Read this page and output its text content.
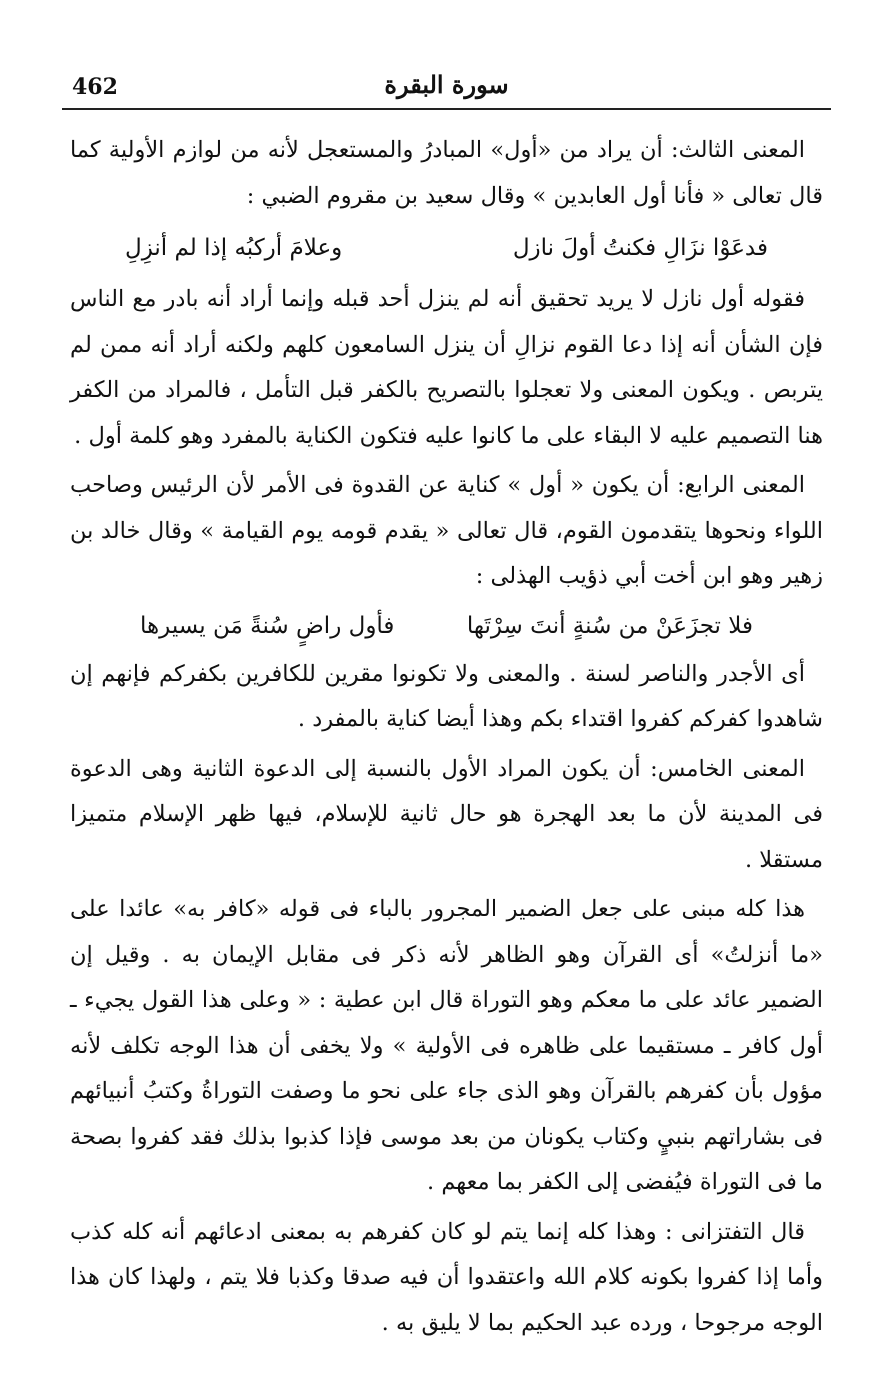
462	سورة البقرة

المعنى الثالث: أن يراد من «أول» المبادرُ والمستعجل لأنه من لوازم الأولية كما قال تعالى « فأنا أول العابدين » وقال سعيد بن مقروم الضبي :

فدعَوْا نزَالِ فكنتُ أولَ نازل
وعلامَ أركبُه إذا لم أنزِلِ

فقوله أول نازل لا يريد تحقيق أنه لم ينزل أحد قبله وإنما أراد أنه بادر مع الناس فإن الشأن أنه إذا دعا القوم نزالِ أن ينزل السامعون كلهم ولكنه أراد أنه ممن لم يتربص . ويكون المعنى ولا تعجلوا بالتصريح بالكفر قبل التأمل ، فالمراد من الكفر هنا التصميم عليه لا البقاء على ما كانوا عليه فتكون الكناية بالمفرد وهو كلمة أول .

المعنى الرابع: أن يكون « أول » كناية عن القدوة فى الأمر لأن الرئيس وصاحب اللواء ونحوها يتقدمون القوم، قال تعالى « يقدم قومه يوم القيامة » وقال خالد بن زهير وهو ابن أخت أبي ذؤيب الهذلى :

فلا تجزَعَنْ من سُنةٍ أنتَ سِرْتَها
فأول راضٍ سُنةً مَن يسيرها

أى الأجدر والناصر لسنة . والمعنى ولا تكونوا مقرين للكافرين بكفركم فإنهم إن شاهدوا كفركم كفروا اقتداء بكم وهذا أيضا كناية بالمفرد .

المعنى الخامس: أن يكون المراد الأول بالنسبة إلى الدعوة الثانية وهى الدعوة فى المدينة لأن ما بعد الهجرة هو حال ثانية للإسلام، فيها ظهر الإسلام متميزا مستقلا .

هذا كله مبنى على جعل الضمير المجرور بالباء فى قوله «كافر به» عائدا على «ما أنزلتُ» أى القرآن وهو الظاهر لأنه ذكر فى مقابل الإيمان به . وقيل إن الضمير عائد على ما معكم وهو التوراة قال ابن عطية : « وعلى هذا القول يجيء ـ أول كافر ـ مستقيما على ظاهره فى الأولية » ولا يخفى أن هذا الوجه تكلف لأنه مؤول بأن كفرهم بالقرآن وهو الذى جاء على نحو ما وصفت التوراةُ وكتبُ أنبيائهم فى بشاراتهم بنبيٍ وكتاب يكونان من بعد موسى فإذا كذبوا بذلك فقد كفروا بصحة ما فى التوراة فيُفضى إلى الكفر بما معهم .

قال التفتزانى : وهذا كله إنما يتم لو كان كفرهم به بمعنى ادعائهم أنه كله كذب وأما إذا كفروا بكونه كلام الله واعتقدوا أن فيه صدقا وكذبا فلا يتم ، ولهذا كان هذا الوجه مرجوحا ، ورده عبد الحكيم بما لا يليق به .
